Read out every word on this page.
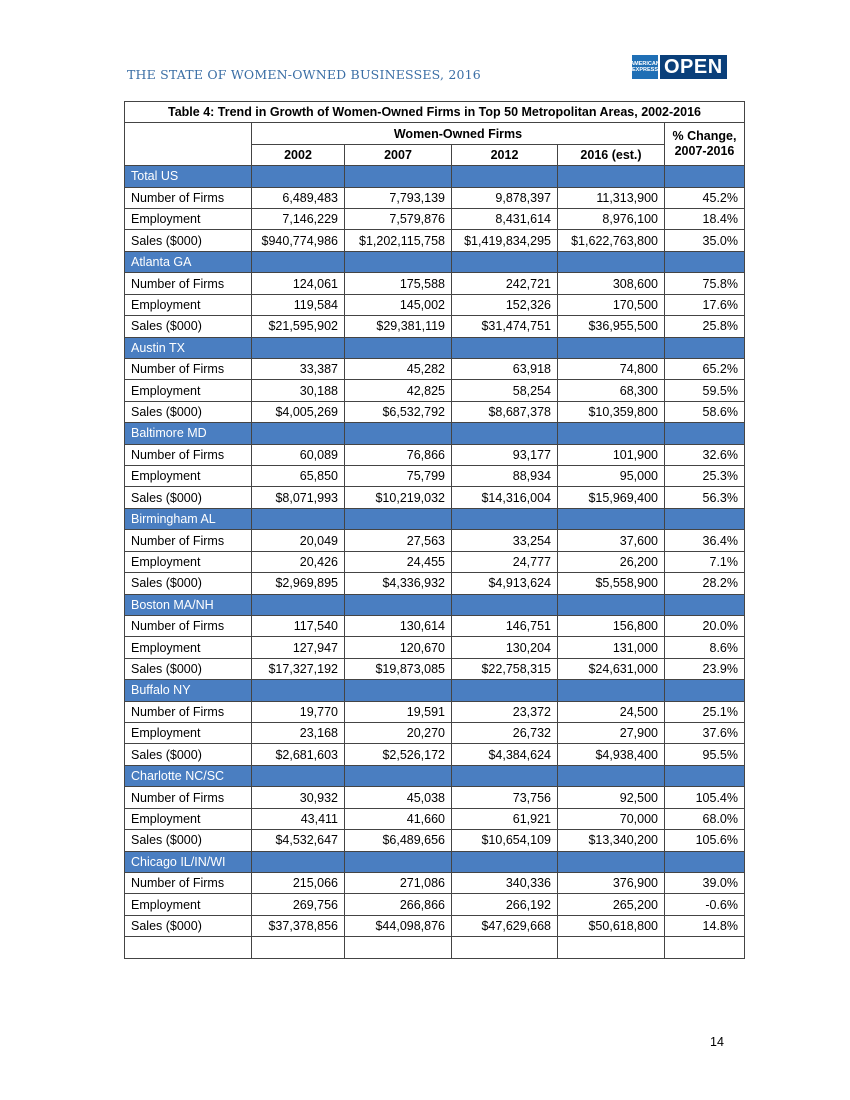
THE STATE OF WOMEN-OWNED BUSINESSES, 2016
AMERICAN
EXPRESS OPEN
Table 4: Trend in Growth of Women-Owned Firms in Top 50 Metropolitan Areas, 2002-2016					
	Women-Owned Firms				% Change,
2007-2016
	2002	2007	2012	2016 (est.)	
Total US					
Number of Firms	6,489,483	7,793,139	9,878,397	11,313,900	45.2%
Employment	7,146,229	7,579,876	8,431,614	8,976,100	18.4%
Sales ($000)	$940,774,986	$1,202,115,758	$1,419,834,295	$1,622,763,800	35.0%
Atlanta GA					
Number of Firms	124,061	175,588	242,721	308,600	75.8%
Employment	119,584	145,002	152,326	170,500	17.6%
Sales ($000)	$21,595,902	$29,381,119	$31,474,751	$36,955,500	25.8%
Austin TX					
Number of Firms	33,387	45,282	63,918	74,800	65.2%
Employment	30,188	42,825	58,254	68,300	59.5%
Sales ($000)	$4,005,269	$6,532,792	$8,687,378	$10,359,800	58.6%
Baltimore MD					
Number of Firms	60,089	76,866	93,177	101,900	32.6%
Employment	65,850	75,799	88,934	95,000	25.3%
Sales ($000)	$8,071,993	$10,219,032	$14,316,004	$15,969,400	56.3%
Birmingham AL					
Number of Firms	20,049	27,563	33,254	37,600	36.4%
Employment	20,426	24,455	24,777	26,200	7.1%
Sales ($000)	$2,969,895	$4,336,932	$4,913,624	$5,558,900	28.2%
Boston MA/NH					
Number of Firms	117,540	130,614	146,751	156,800	20.0%
Employment	127,947	120,670	130,204	131,000	8.6%
Sales ($000)	$17,327,192	$19,873,085	$22,758,315	$24,631,000	23.9%
Buffalo NY					
Number of Firms	19,770	19,591	23,372	24,500	25.1%
Employment	23,168	20,270	26,732	27,900	37.6%
Sales ($000)	$2,681,603	$2,526,172	$4,384,624	$4,938,400	95.5%
Charlotte NC/SC					
Number of Firms	30,932	45,038	73,756	92,500	105.4%
Employment	43,411	41,660	61,921	70,000	68.0%
Sales ($000)	$4,532,647	$6,489,656	$10,654,109	$13,340,200	105.6%
Chicago IL/IN/WI					
Number of Firms	215,066	271,086	340,336	376,900	39.0%
Employment	269,756	266,866	266,192	265,200	-0.6%
Sales ($000)	$37,378,856	$44,098,876	$47,629,668	$50,618,800	14.8%

14
